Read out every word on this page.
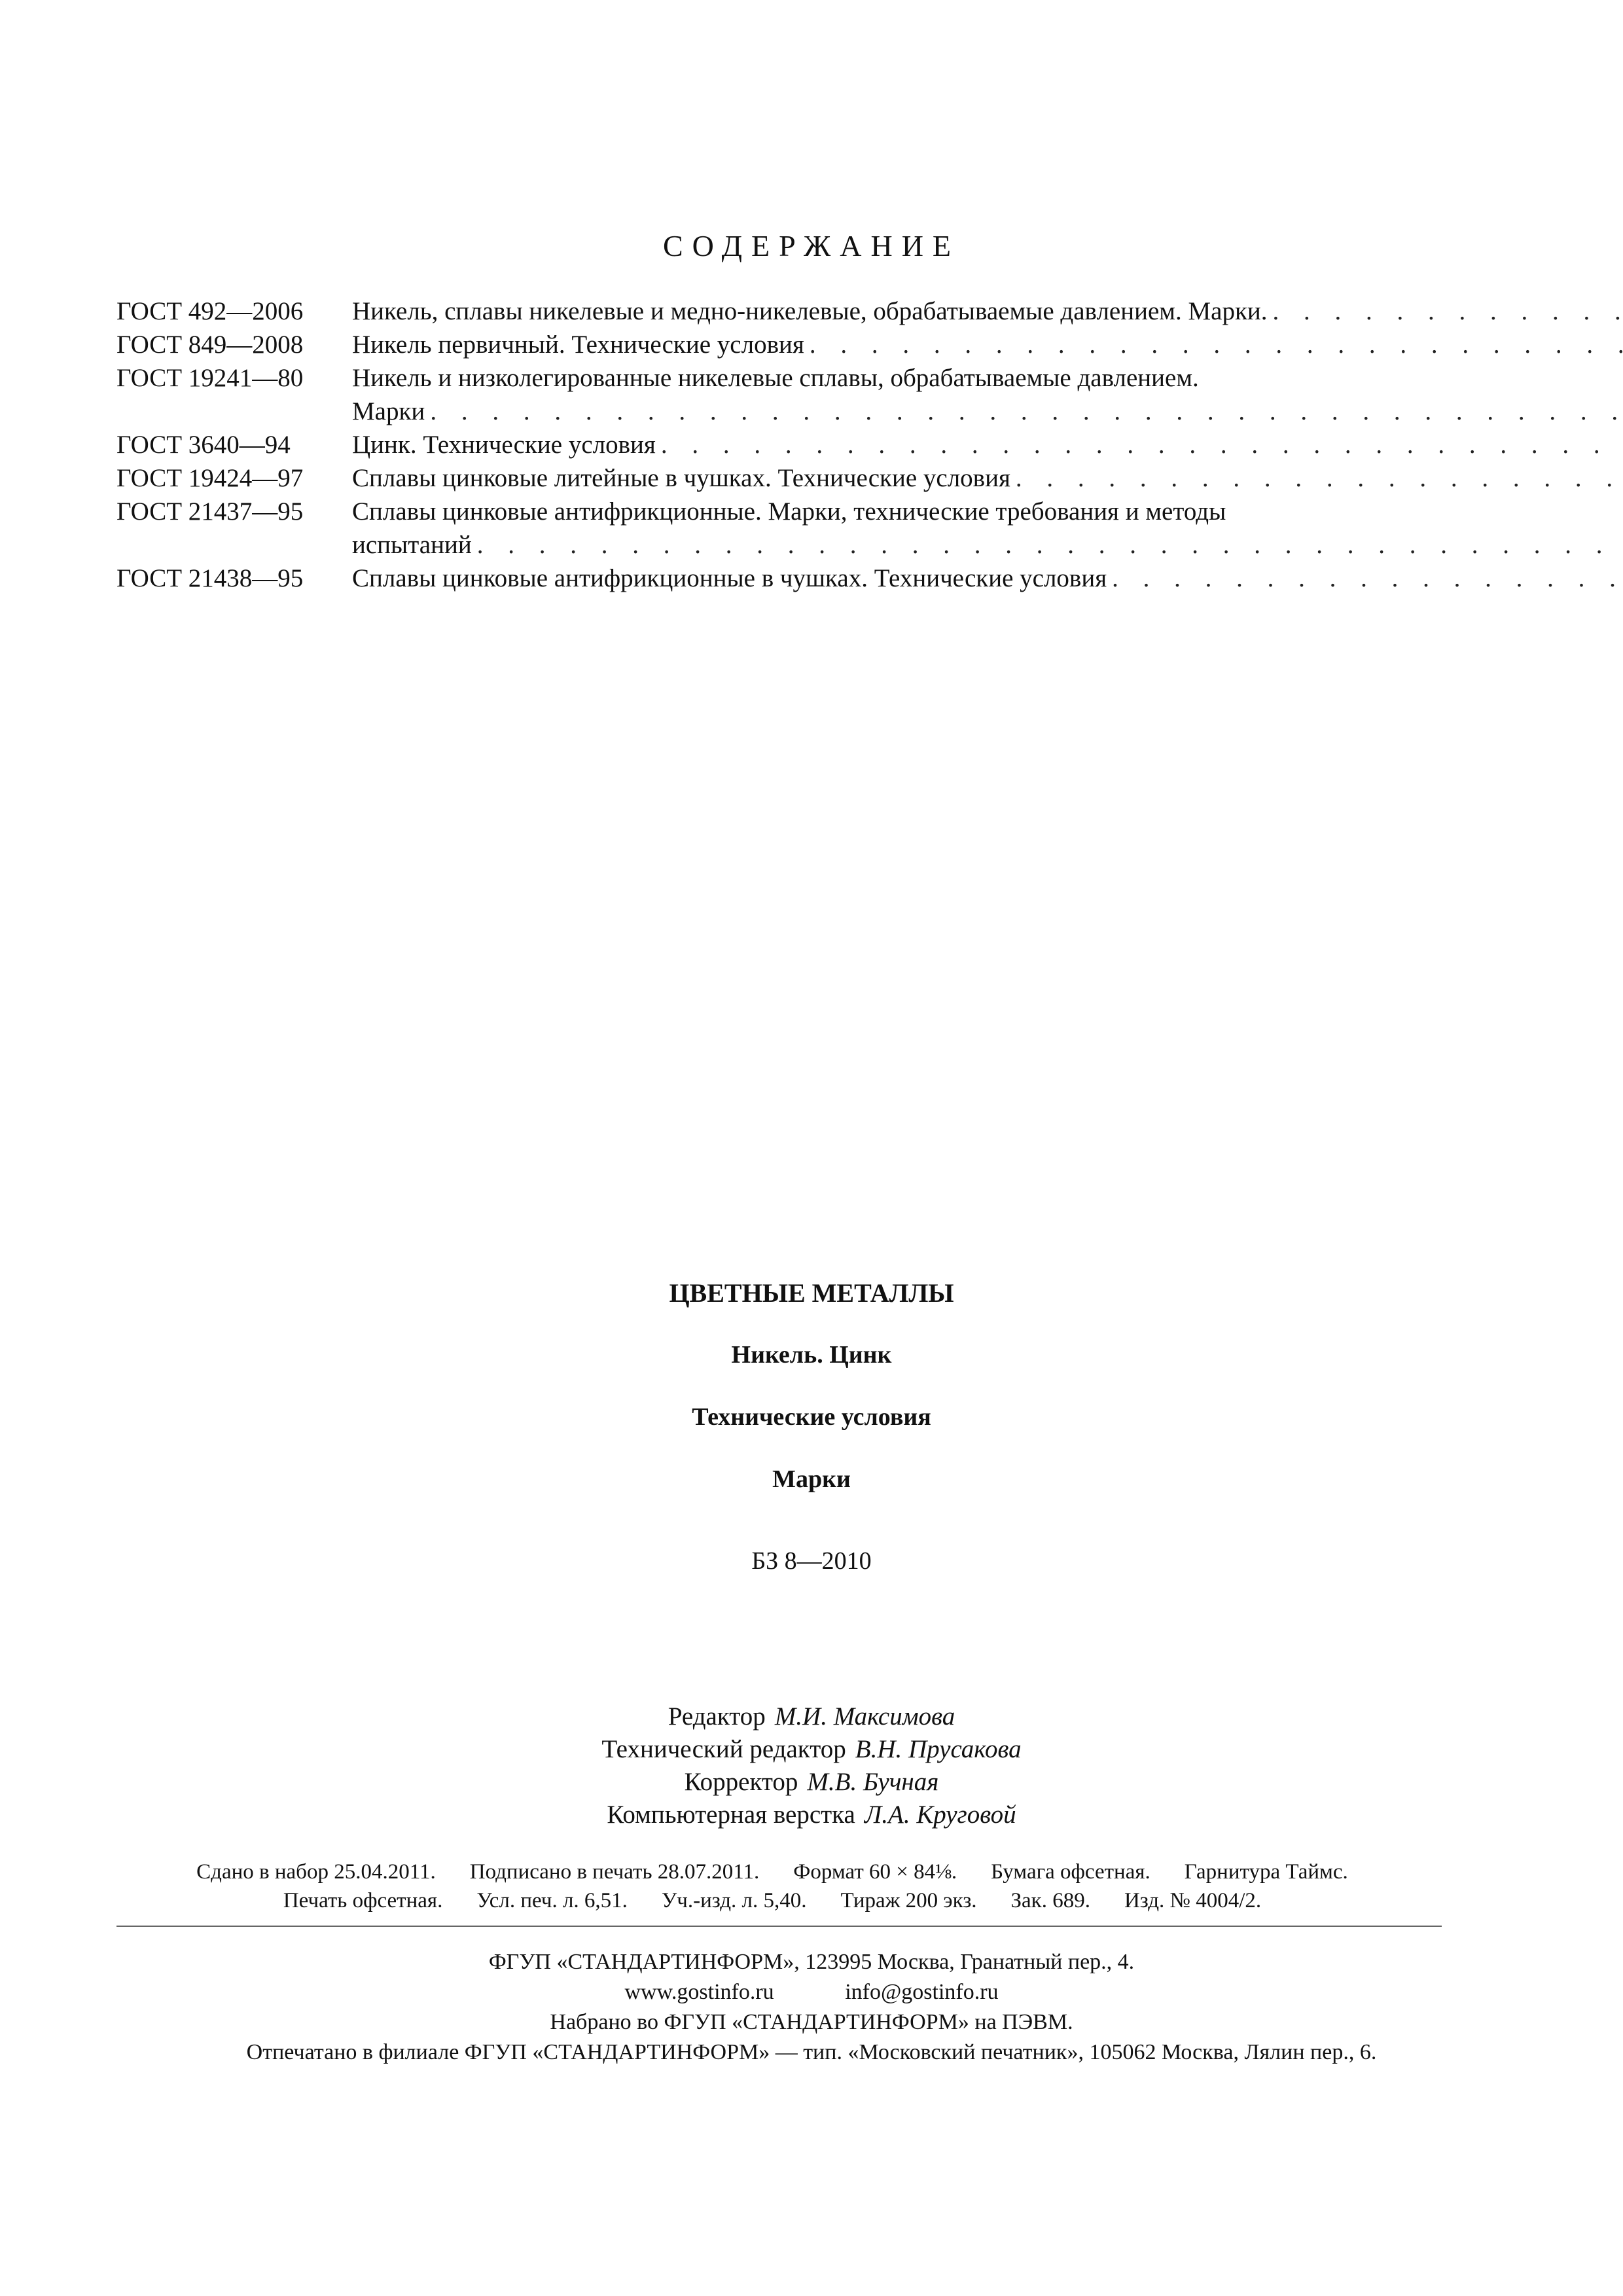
СОДЕРЖАНИЕ
ГОСТ 492—2006	Никель, сплавы никелевые и медно-никелевые, обрабатываемые давлением. Марки.
. . .
ГОСТ 849—2008	Никель первичный. Технические условия
. . .
ГОСТ 19241—80	Никель и низколегированные никелевые сплавы, обрабатываемые давлением.
Марки
. . .
ГОСТ 3640—94	Цинк. Технические условия
. . .
ГОСТ 19424—97	Сплавы цинковые литейные в чушках. Технические условия
. . .
ГОСТ 21437—95	Сплавы цинковые антифрикционные. Марки, технические требования и методы
испытаний
. . .
ГОСТ 21438—95	Сплавы цинковые антифрикционные в чушках. Технические условия
. . .
ЦВЕТНЫЕ МЕТАЛЛЫ
Никель. Цинк
Технические условия
Марки
БЗ 8—2010
Редактор М.И. Максимова
Технический редактор В.Н. Прусакова
Корректор М.В. Бучная
Компьютерная верстка Л.А. Круговой
Сдано в набор 25.04.2011. Подписано в печать 28.07.2011. Формат 60 × 84⅛. Бумага офсетная. Гарнитура Таймс.
Печать офсетная. Усл. печ. л. 6,51. Уч.-изд. л. 5,40. Тираж 200 экз. Зак. 689. Изд. № 4004/2.
ФГУП «СТАНДАРТИНФОРМ», 123995 Москва, Гранатный пер., 4.
www.gostinfo.ru	info@gostinfo.ru
Набрано во ФГУП «СТАНДАРТИНФОРМ» на ПЭВМ.
Отпечатано в филиале ФГУП «СТАНДАРТИНФОРМ» — тип. «Московский печатник», 105062 Москва, Лялин пер., 6.
